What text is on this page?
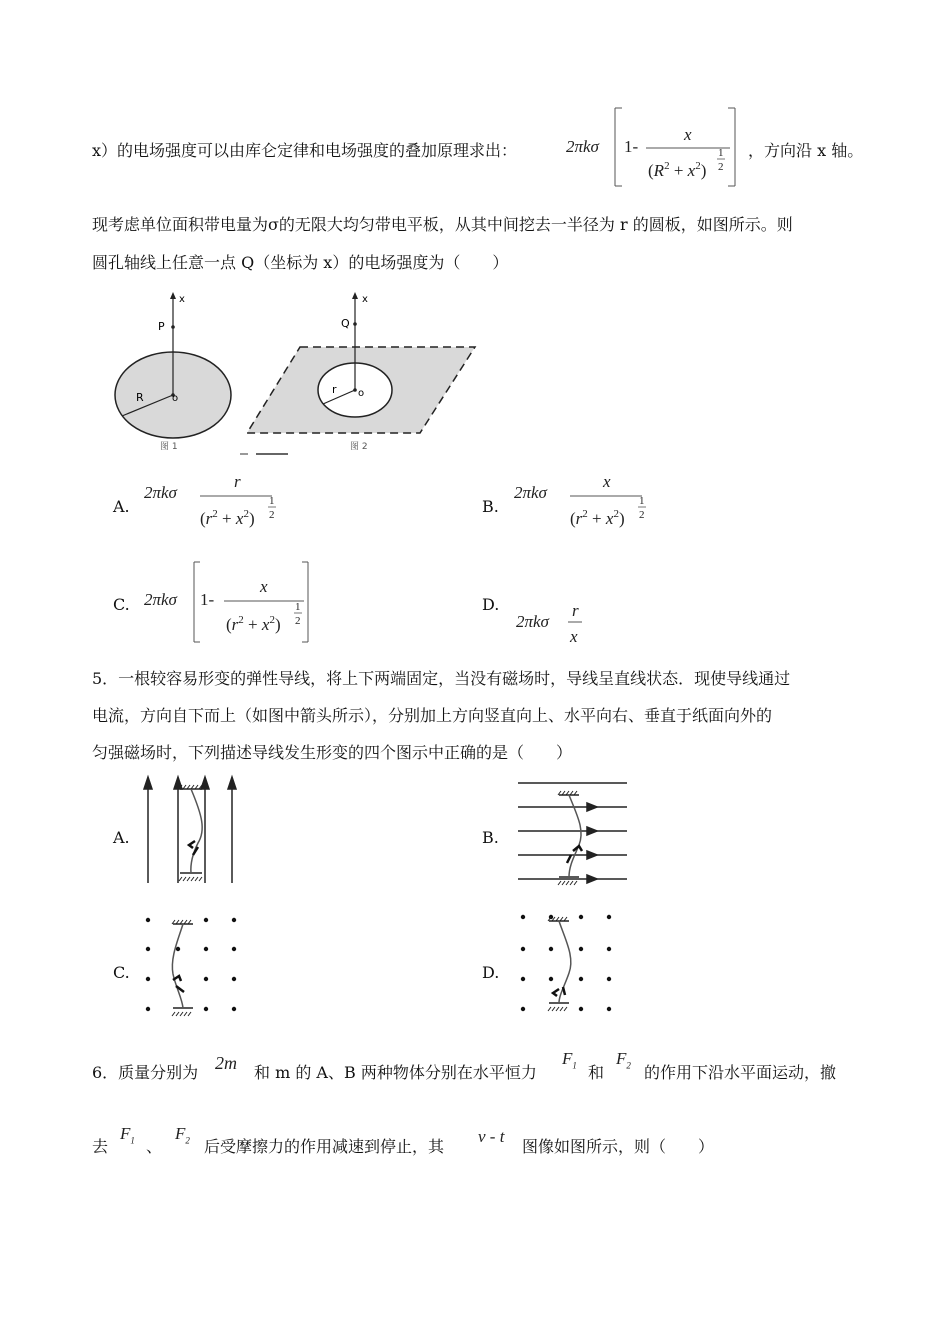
x）的电场强度可以由库仑定律和电场强度的叠加原理求出：	2πkσ 1-
x
$(R^2 + x^2)$
1
2
，方向沿 x 轴。
现考虑单位面积带电量为σ的无限大均匀带电平板，从其中间挖去一半径为 r 的圆板，如图所示。则
圆孔轴线上任意一点 Q（坐标为 x）的电场强度为（　　）
x
P
o
R
图 1
x
Q
o
r
图 2
A.
2πkσ
r
$(r^2 + x^2)$
1
2	B.
2πkσ
x
$(r^2 + x^2)$
1
2
C. 2πkσ 1-
x
$(r^2 + x^2)$
1
2
D.
2πkσ
r
x
5．一根较容易形变的弹性导线，将上下两端固定，当没有磁场时，导线呈直线状态．现使导线通过
电流，方向自下而上（如图中箭头所示），分别加上方向竖直向上、水平向右、垂直于纸面向外的
匀强磁场时，下列描述导线发生形变的四个图示中正确的是（　　）
A.	B.
C.	D.
6．质量分别为 2m 和 m 的 A、B 两种物体分别在水平恒力
$F_1$ 和
$F_2$ 的作用下沿水平面运动，撤
去
$F_1$ 、
$F_2$ 后受摩擦力的作用减速到停止，其
v - t
图像如图所示，则（　　）
